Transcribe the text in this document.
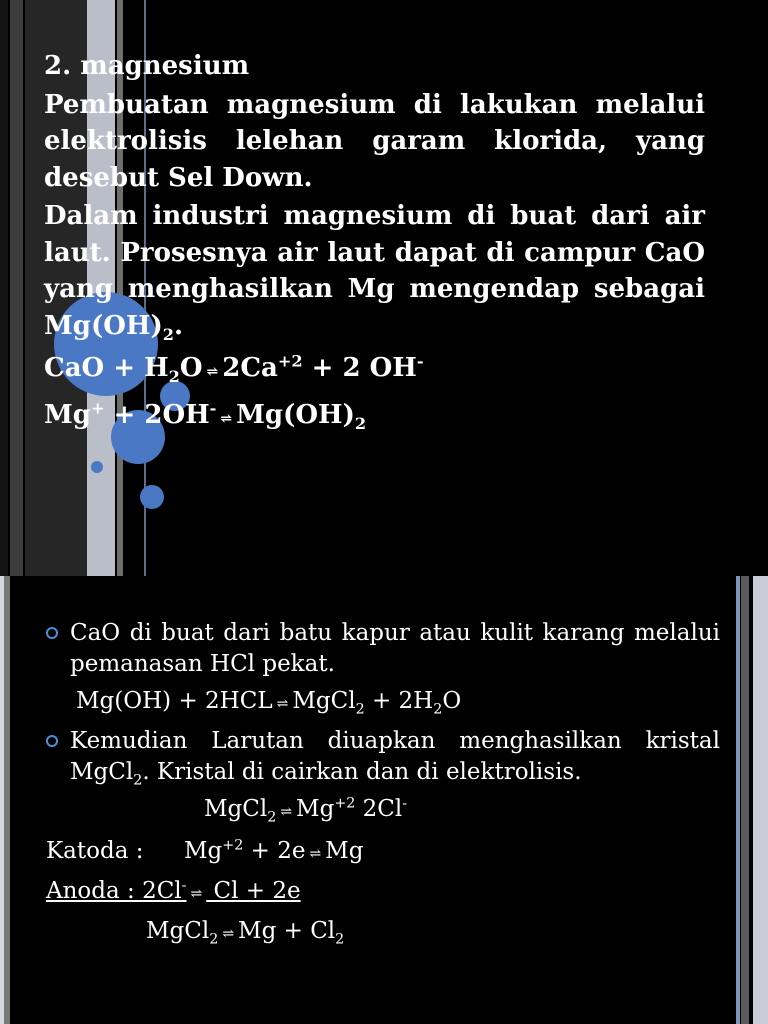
2. magnesium

Pembuatan magnesium di lakukan melalui elektrolisis lelehan garam klorida, yang desebut Sel Down.

Dalam industri magnesium di buat dari air laut. Prosesnya air laut dapat di campur CaO yang menghasilkan Mg mengendap sebagai $Mg(OH)_2$.

CaO + $H_2O$ ⇌ $2Ca^{+2} + 2$ OH-
Mg+ + 2OH-⇌ $Mg(OH)_2$
CaO di buat dari batu kapur atau kulit karang melalui pemanasan HCl pekat.
Mg(OH) + 2HCL ⇌ MgCl$_2$ + $2H_2O$
Kemudian Larutan diuapkan menghasilkan kristal MgCl$_2$. Kristal di cairkan dan di elektrolisis.
MgCl$_2$ ⇌ $Mg^{+2}$ 2Cl-
Katoda : $Mg^{+2} + 2e$ ⇌ Mg
Anoda : 2Cl-⇌ Cl + 2e
MgCl$_2$ ⇌ $Mg + Cl_2$
